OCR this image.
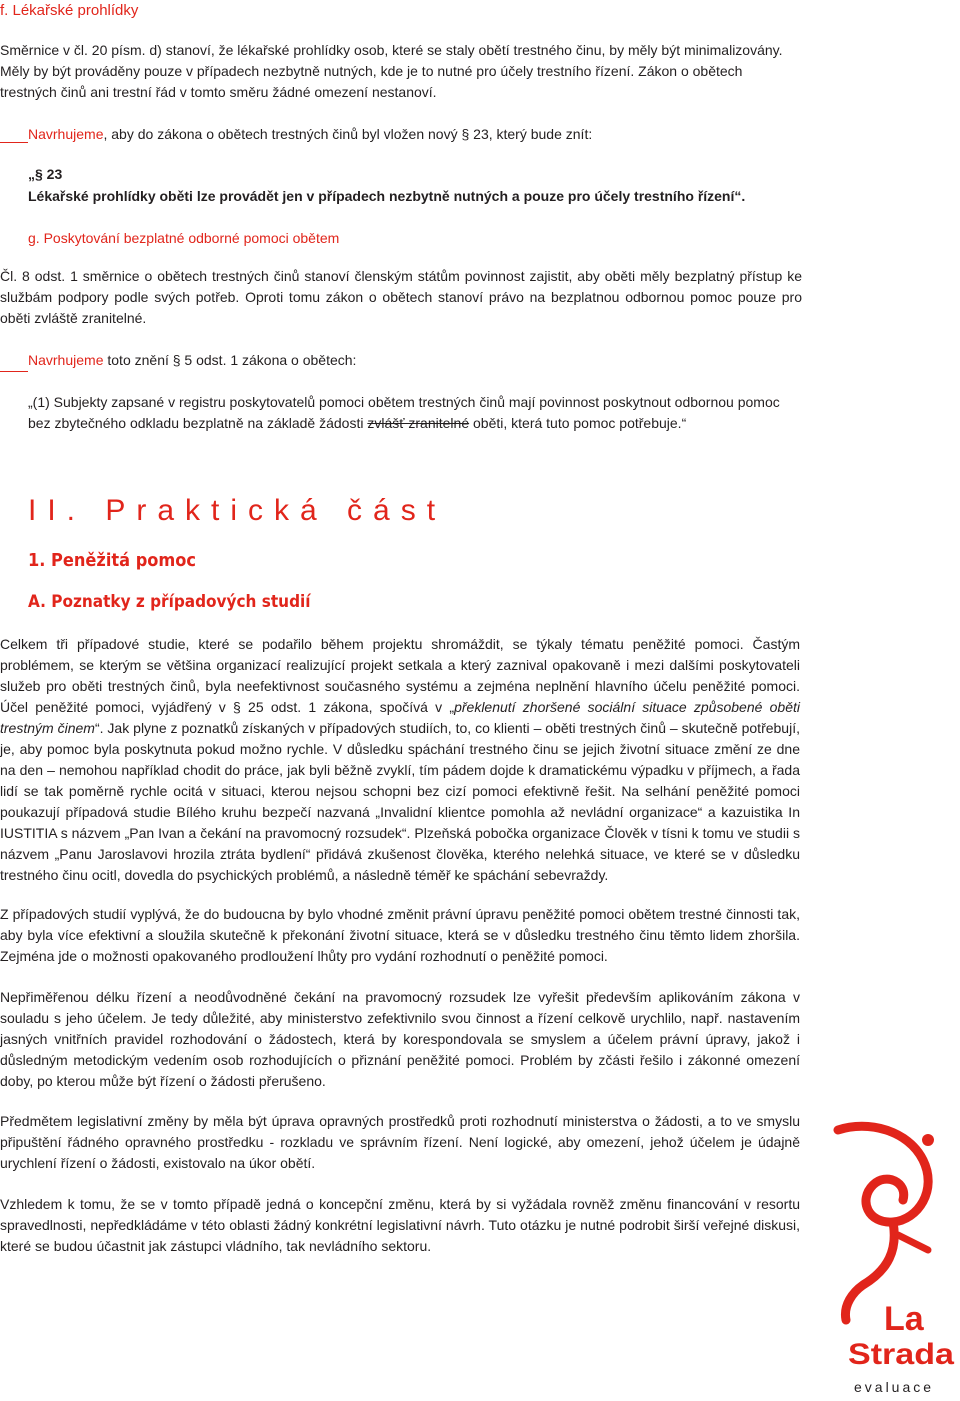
f. Lékařské prohlídky

Směrnice v čl. 20 písm. d) stanoví, že lékařské prohlídky osob, které se staly obětí trestného činu, by měly být minimalizovány. Měly by být prováděny pouze v případech nezbytně nutných, kde je to nutné pro účely trestního řízení. Zákon o obětech trestných činů ani trestní řád v tomto směru žádné omezení nestanoví.

Navrhujeme, aby do zákona o obětech trestných činů byl vložen nový § 23, který bude znít:

„§ 23

Lékařské prohlídky oběti lze provádět jen v případech nezbytně nutných a pouze pro účely trestního řízení“.

g. Poskytování bezplatné odborné pomoci obětem

Čl. 8 odst. 1 směrnice o obětech trestných činů stanoví členským státům povinnost zajistit, aby oběti měly bezplatný přístup ke službám podpory podle svých potřeb. Oproti tomu zákon o obětech stanoví právo na bezplatnou odbornou pomoc pouze pro oběti zvláště zranitelné.

Navrhujeme toto znění § 5 odst. 1 zákona o obětech:

„(1) Subjekty zapsané v registru poskytovatelů pomoci obětem trestných činů mají povinnost poskytnout odbornou pomoc bez zbytečného odkladu bezplatně na základě žádosti zvlášť zranitelné oběti, která tuto pomoc potřebuje.“

II. Praktická část
1. Peněžitá pomoc
A. Poznatky z případových studií

Celkem tři případové studie, které se podařilo během projektu shromáždit, se týkaly tématu peněžité pomoci. Častým problémem, se kterým se většina organizací realizující projekt setkala a který zaznival opakovaně i mezi dalšími poskytovateli služeb pro oběti trestných činů, byla neefektivnost současného systému a zejména neplnění hlavního účelu peněžité pomoci. Účel peněžité pomoci, vyjádřený v § 25 odst. 1 zákona, spočívá v „překlenutí zhoršené sociální situace způsobené oběti trestným činem“. Jak plyne z poznatků získaných v případových studiích, to, co klienti – oběti trestných činů – skutečně potřebují, je, aby pomoc byla poskytnuta pokud možno rychle. V důsledku spáchání trestného činu se jejich životní situace změní ze dne na den – nemohou například chodit do práce, jak byli běžně zvyklí, tím pádem dojde k dramatickému výpadku v příjmech, a řada lidí se tak poměrně rychle ocitá v situaci, kterou nejsou schopni bez cizí pomoci efektivně řešit. Na selhání peněžité pomoci poukazují případová studie Bílého kruhu bezpečí nazvaná „Invalidní klientce pomohla až nevládní organizace“ a kazuistika In IUSTITIA s názvem „Pan Ivan a čekání na pravomocný rozsudek“. Plzeňská pobočka organizace Člověk v tísni k tomu ve studii s názvem „Panu Jaroslavovi hrozila ztráta bydlení“ přidává zkušenost člověka, kterého nelehká situace, ve které se v důsledku trestného činu ocitl, dovedla do psychických problémů, a následně téměř ke spáchání sebevraždy.

Z případových studií vyplývá, že do budoucna by bylo vhodné změnit právní úpravu peněžité pomoci obětem trestné činnosti tak, aby byla více efektivní a sloužila skutečně k překonání životní situace, která se v důsledku trestného činu těmto lidem zhoršila. Zejména jde o možnosti opakovaného prodloužení lhůty pro vydání rozhodnutí o peněžité pomoci.

Nepřiměřenou délku řízení a neodůvodněné čekání na pravomocný rozsudek lze vyřešit především aplikováním zákona v souladu s jeho účelem. Je tedy důležité, aby ministerstvo zefektivnilo svou činnost a řízení celkově urychlilo, např. nastavením jasných vnitřních pravidel rozhodování o žádostech, která by korespondovala se smyslem a účelem právní úpravy, jakož i důsledným metodickým vedením osob rozhodujících o přiznání peněžité pomoci. Problém by zčásti řešilo i zákonné omezení doby, po kterou může být řízení o žádosti přerušeno.

Předmětem legislativní změny by měla být úprava opravných prostředků proti rozhodnutí ministerstva o žádosti, a to ve smyslu připuštění řádného opravného prostředku - rozkladu ve správním řízení. Není logické, aby omezení, jehož účelem je údajně urychlení řízení o žádosti, existovalo na úkor obětí.

Vzhledem k tomu, že se v tomto případě jedná o koncepční změnu, která by si vyžádala rovněž změnu financování v resortu spravedlnosti, nepředkládáme v této oblasti žádný konkrétní legislativní návrh. Tuto otázku je nutné podrobit širší veřejné diskusi, které se budou účastnit jak zástupci vládního, tak nevládního sektoru.

La
Strada
evaluace
